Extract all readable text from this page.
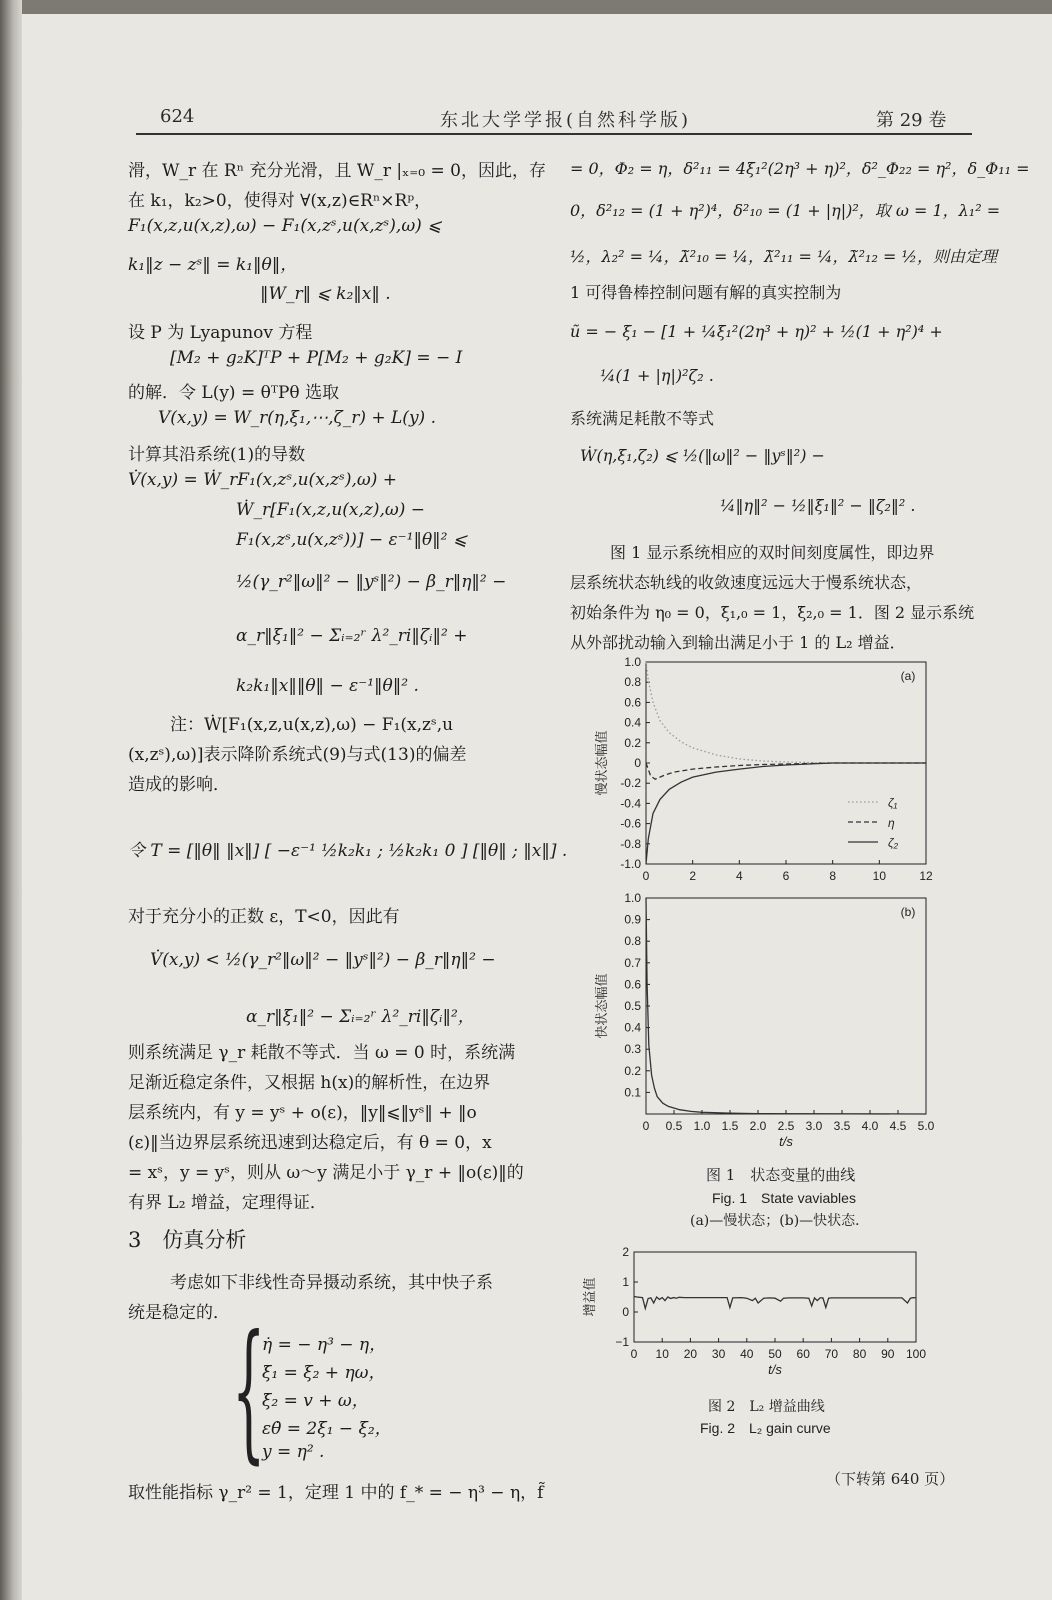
624	东北大学学报(自然科学版)	第 29 卷
滑，W_r 在 Rⁿ 充分光滑，且 W_r |ₓ₌₀ = 0，因此，存
在 k₁，k₂>0，使得对 ∀(x,z)∈Rⁿ×Rᵖ，
F₁(x,z,u(x,z),ω) − F₁(x,zˢ,u(x,zˢ),ω) ⩽
k₁‖z − zˢ‖ = k₁‖θ‖，
‖W_r‖ ⩽ k₂‖x‖ .
设 P 为 Lyapunov 方程
[M₂ + g₂K]ᵀP + P[M₂ + g₂K] = − I
的解．令 L(y) = θᵀPθ 选取
V(x,y) = W_r(η,ξ₁,⋯,ζ_r) + L(y) .
计算其沿系统(1)的导数
V̇(x,y) = Ẇ_rF₁(x,zˢ,u(x,zˢ),ω) +
Ẇ_r[F₁(x,z,u(x,z),ω) −
F₁(x,zˢ,u(x,zˢ))] − ε⁻¹‖θ‖² ⩽
½(γ_r²‖ω‖² − ‖yˢ‖²) − β_r‖η‖² −
α_r‖ξ₁‖² − Σᵢ₌₂ʳ λ²_ri‖ζᵢ‖² +
k₂k₁‖x‖‖θ‖ − ε⁻¹‖θ‖² .
注：Ẇ[F₁(x,z,u(x,z),ω) − F₁(x,zˢ,u
(x,zˢ),ω)]表示降阶系统式(9)与式(13)的偏差
造成的影响．
令 T = [‖θ‖ ‖x‖] [ −ε⁻¹ ½k₂k₁ ; ½k₂k₁ 0 ] [‖θ‖ ; ‖x‖] .
对于充分小的正数 ε，T<0，因此有
V̇(x,y) < ½(γ_r²‖ω‖² − ‖yˢ‖²) − β_r‖η‖² −
α_r‖ξ₁‖² − Σᵢ₌₂ʳ λ²_ri‖ζᵢ‖²，
则系统满足 γ_r 耗散不等式．当 ω = 0 时，系统满
足渐近稳定条件，又根据 h(x)的解析性，在边界
层系统内，有 y = yˢ + o(ε)，‖y‖⩽‖yˢ‖ + ‖o
(ε)‖当边界层系统迅速到达稳定后，有 θ = 0，x
= xˢ，y = yˢ，则从 ω～y 满足小于 γ_r + ‖o(ε)‖的
有界 L₂ 增益，定理得证．
3　仿真分析
考虑如下非线性奇异摄动系统，其中快子系
统是稳定的． {
η̇ = − η³ − η，
ξ̇₁ = ξ₂ + ηω，
ξ̇₂ = v + ω，
εθ̇ = 2ξ₁ − ξ₂，
y = η² .
取性能指标 γ_r² = 1，定理 1 中的 f_* = − η³ − η，f̃
= 0，Φ₂ = η，δ²₁₁ = 4ξ₁²(2η³ + η)²，δ²_Φ₂₂ = η²，δ_Φ₁₁ =
0，δ²₁₂ = (1 + η²)⁴，δ²₁₀ = (1 + |η|)²，取 ω = 1，λ₁² =
½，λ₂² = ¼，λ̃²₁₀ = ¼，λ̃²₁₁ = ¼，λ̃²₁₂ = ½，则由定理
1 可得鲁棒控制问题有解的真实控制为
ũ = − ξ₁ − [1 + ¼ξ₁²(2η³ + η)² + ½(1 + η²)⁴ +
¼(1 + |η|)²ζ₂ .
系统满足耗散不等式
Ẇ(η,ξ₁,ζ₂) ⩽ ½(‖ω‖² − ‖yˢ‖²) −
¼‖η‖² − ½‖ξ₁‖² − ‖ζ₂‖² .
图 1 显示系统相应的双时间刻度属性，即边界
层系统状态轨线的收敛速度远远大于慢系统状态，
初始条件为 η₀ = 0，ξ₁,₀ = 1，ξ₂,₀ = 1．图 2 显示系统
从外部扰动输入到输出满足小于 1 的 L₂ 增益．
0	2	4	6	8	10	12
1.0
0.8
0.6
0.4
0.2
0
-0.2
-0.4
-0.6
-0.8
-1.0
(a)
慢状态幅值
ζ₁
η
ζ₂
0 0.5 1.0 1.5 2.0 2.5 3.0 3.5 4.0 4.5 5.0
1.0
0.9
0.8
0.7
0.6
0.5
0.4
0.3
0.2
0.1
(b)
快状态幅值
t/s
图 1　状态变量的曲线
Fig. 1　State vaviables
(a)—慢状态；(b)—快状态．
0 10 20 30 40 50 60 70 80 90 100
2
1
0
−1
增益值
t/s
图 2　L₂ 增益曲线
Fig. 2　L₂ gain curve
（下转第 640 页）
